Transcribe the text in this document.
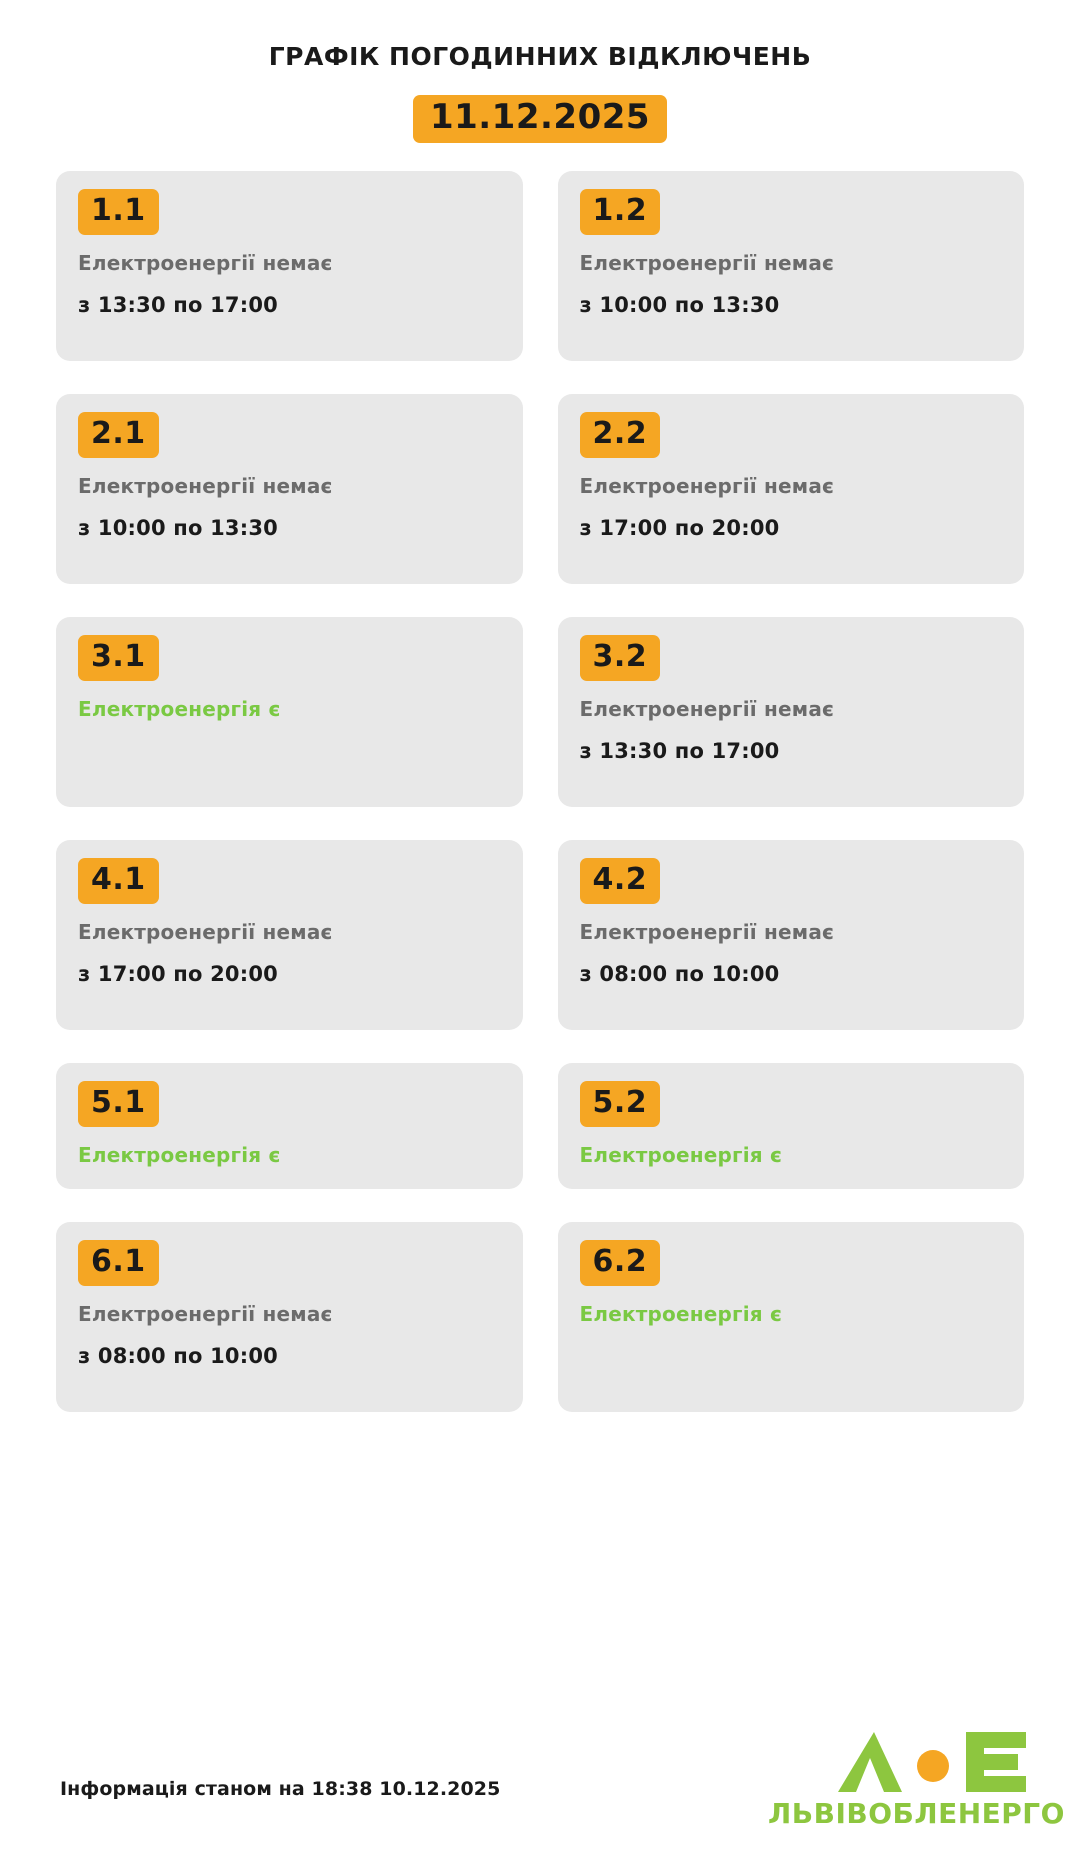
ГРАФІК ПОГОДИННИХ ВІДКЛЮЧЕНЬ
11.12.2025
1.1
Електроенергії немає
з 13:30 по 17:00
1.2
Електроенергії немає
з 10:00 по 13:30
2.1
Електроенергії немає
з 10:00 по 13:30
2.2
Електроенергії немає
з 17:00 по 20:00
3.1
Електроенергія є
3.2
Електроенергії немає
з 13:30 по 17:00
4.1
Електроенергії немає
з 17:00 по 20:00
4.2
Електроенергії немає
з 08:00 по 10:00
5.1
Електроенергія є
5.2
Електроенергія є
6.1
Електроенергії немає
з 08:00 по 10:00
6.2
Електроенергія є
Інформація станом на 18:38 10.12.2025
ЛЬВІВОБЛЕНЕРГО
